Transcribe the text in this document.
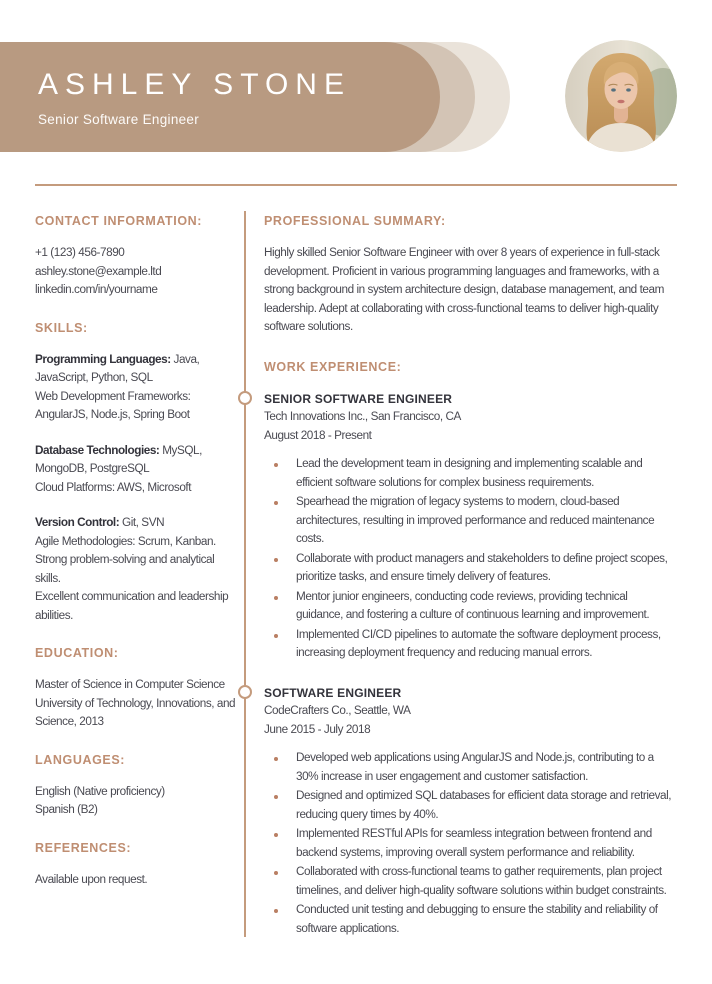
ASHLEY STONE
Senior Software Engineer
CONTACT INFORMATION:

+1 (123) 456-7890

ashley.stone@example.ltd

linkedin.com/in/yourname

SKILLS:

Programming Languages: Java, JavaScript, Python, SQL

Web Development Frameworks: AngularJS, Node.js, Spring Boot

Database Technologies: MySQL, MongoDB, PostgreSQL

Cloud Platforms: AWS, Microsoft

Version Control: Git, SVN

Agile Methodologies: Scrum, Kanban. Strong problem-solving and analytical skills.

Excellent communication and leadership abilities.

EDUCATION:

Master of Science in Computer Science

University of Technology, Innovations, and Science, 2013

LANGUAGES:

English (Native proficiency)

Spanish (B2)

REFERENCES:

Available upon request.

PROFESSIONAL SUMMARY:

Highly skilled Senior Software Engineer with over 8 years of experience in full-stack development. Proficient in various programming languages and frameworks, with a strong background in system architecture design, database management, and team leadership. Adept at collaborating with cross-functional teams to deliver high-quality software solutions.

WORK EXPERIENCE:
SENIOR SOFTWARE ENGINEER
Tech Innovations Inc., San Francisco, CA
August 2018 - Present
Lead the development team in designing and implementing scalable and efficient software solutions for complex business requirements.
Spearhead the migration of legacy systems to modern, cloud-based architectures, resulting in improved performance and reduced maintenance costs.
Collaborate with product managers and stakeholders to define project scopes, prioritize tasks, and ensure timely delivery of features.
Mentor junior engineers, conducting code reviews, providing technical guidance, and fostering a culture of continuous learning and improvement.
Implemented CI/CD pipelines to automate the software deployment process, increasing deployment frequency and reducing manual errors.
SOFTWARE ENGINEER
CodeCrafters Co., Seattle, WA
June 2015 - July 2018
Developed web applications using AngularJS and Node.js, contributing to a 30% increase in user engagement and customer satisfaction.
Designed and optimized SQL databases for efficient data storage and retrieval, reducing query times by 40%.
Implemented RESTful APIs for seamless integration between frontend and backend systems, improving overall system performance and reliability.
Collaborated with cross-functional teams to gather requirements, plan project timelines, and deliver high-quality software solutions within budget constraints.
Conducted unit testing and debugging to ensure the stability and reliability of software applications.
